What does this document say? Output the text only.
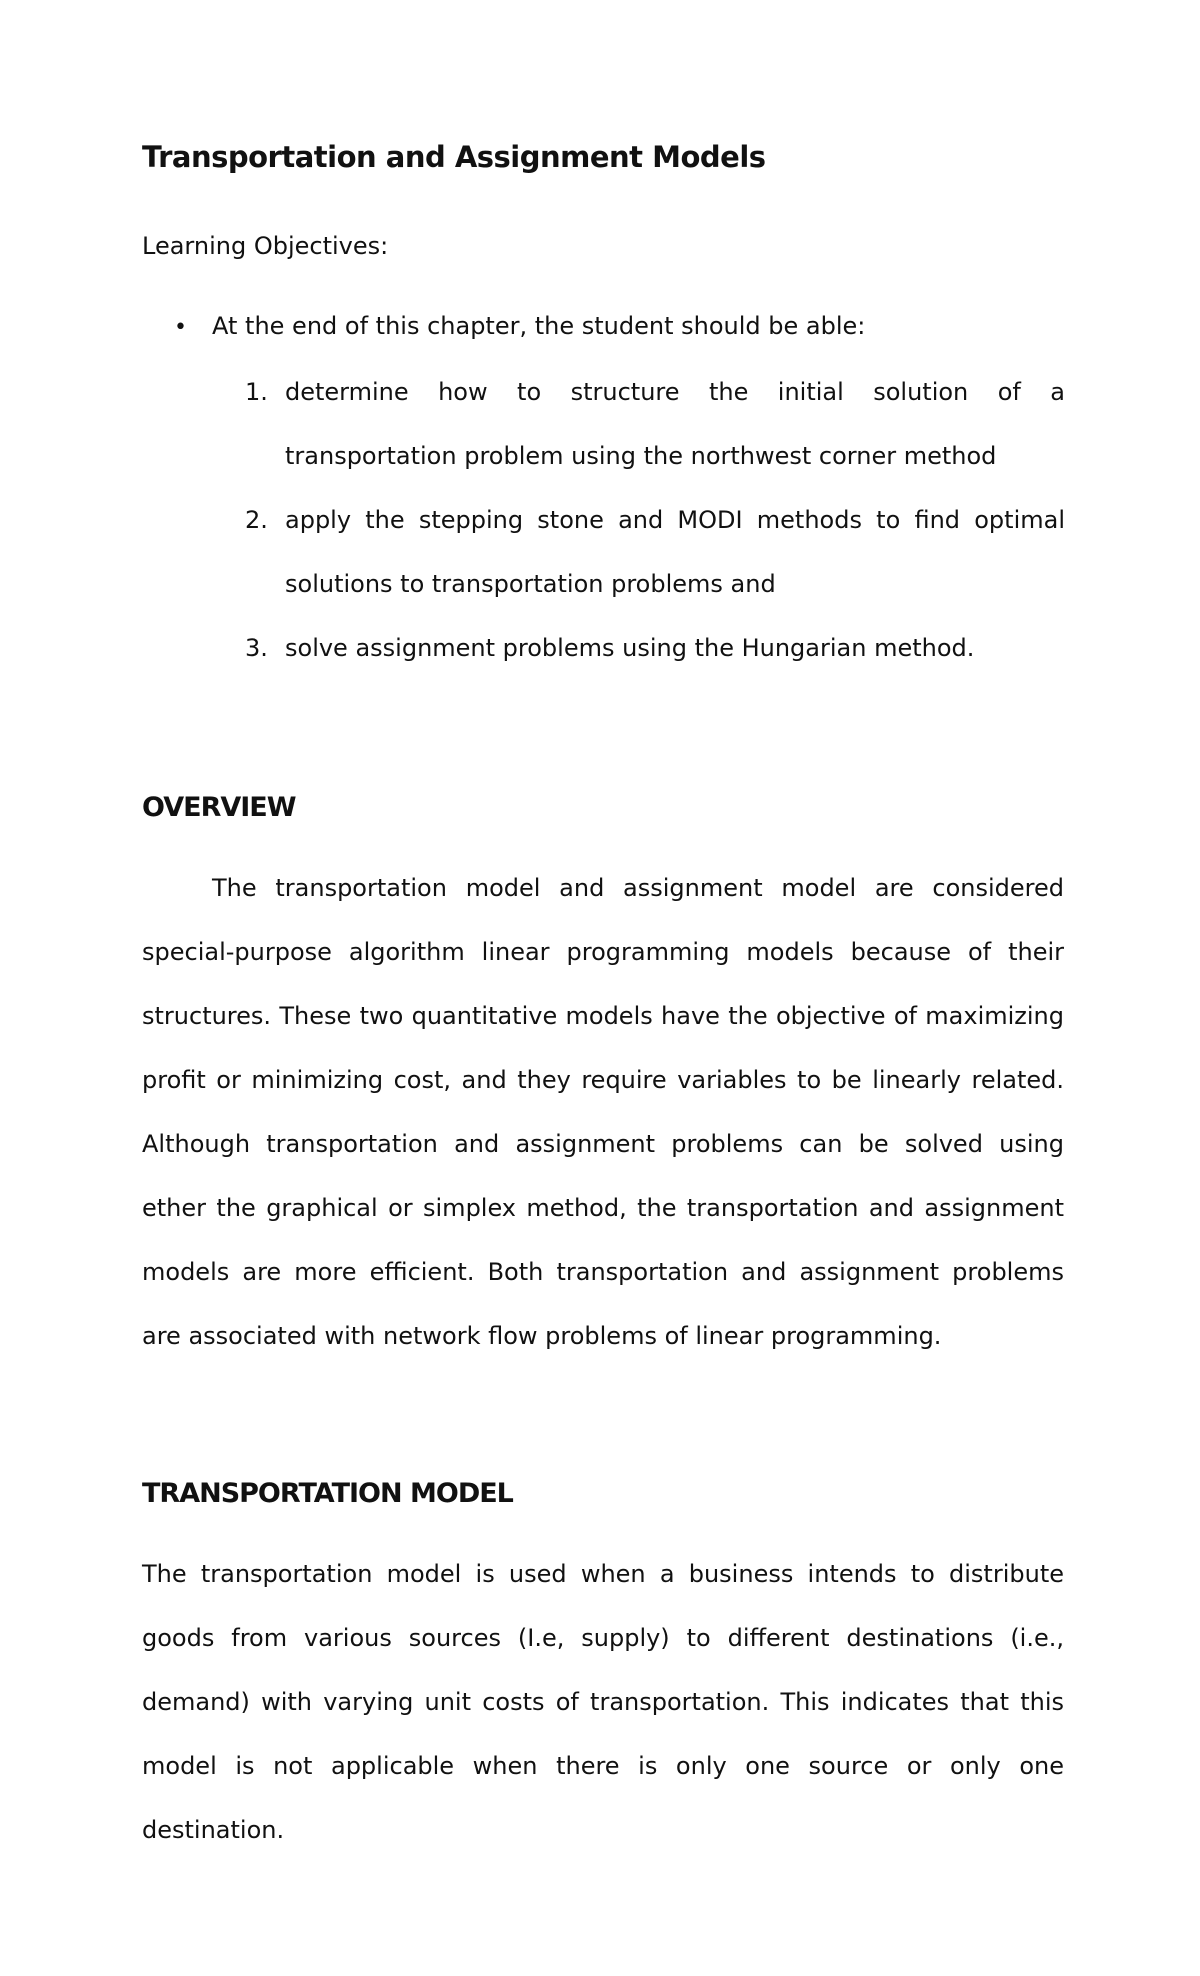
Transportation and Assignment Models
Learning Objectives:
• At the end of this chapter, the student should be able:
1. determine how to structure the initial solution of a transportation problem using the northwest corner method
2. apply the stepping stone and MODI methods to find optimal solutions to transportation problems and
3. solve assignment problems using the Hungarian method.
OVERVIEW
The transportation model and assignment model are considered special-purpose algorithm linear programming models because of their structures. These two quantitative models have the objective of maximizing profit or minimizing cost, and they require variables to be linearly related. Although transportation and assignment problems can be solved using ether the graphical or simplex method, the transportation and assignment models are more efficient. Both transportation and assignment problems are associated with network flow problems of linear programming.
TRANSPORTATION MODEL
The transportation model is used when a business intends to distribute goods from various sources (I.e, supply) to different destinations (i.e., demand) with varying unit costs of transportation. This indicates that this model is not applicable when there is only one source or only one destination.
